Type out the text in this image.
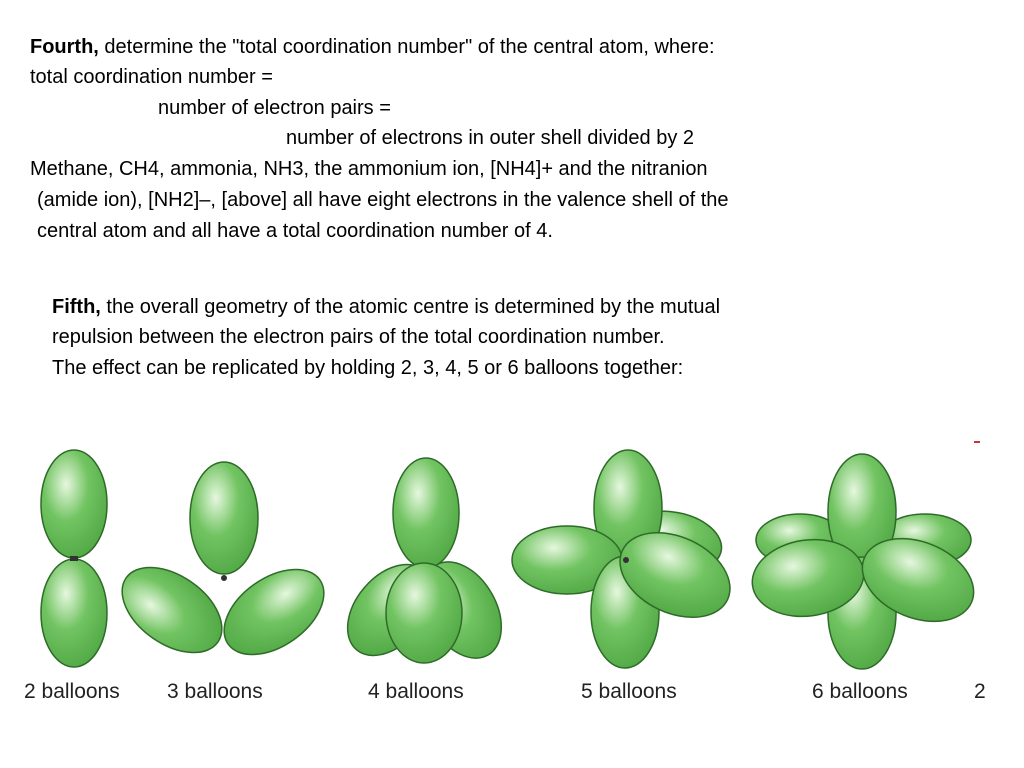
Fourth, determine the "total coordination number" of the central atom, where:
total coordination number =
number of electron pairs =
number of electrons in outer shell divided by 2
Methane, CH4, ammonia, NH3, the ammonium ion, [NH4]+ and the nitranion
(amide ion), [NH2]–, [above] all have eight electrons in the valence shell of the
central atom and all have a total coordination number of 4.
Fifth, the overall geometry of the atomic centre is determined by the mutual
repulsion between the electron pairs of the total coordination number.
The effect can be replicated by holding 2, 3, 4, 5 or 6 balloons together:
2 balloons 3 balloons	4 balloons	5 balloons	6 balloons	2
